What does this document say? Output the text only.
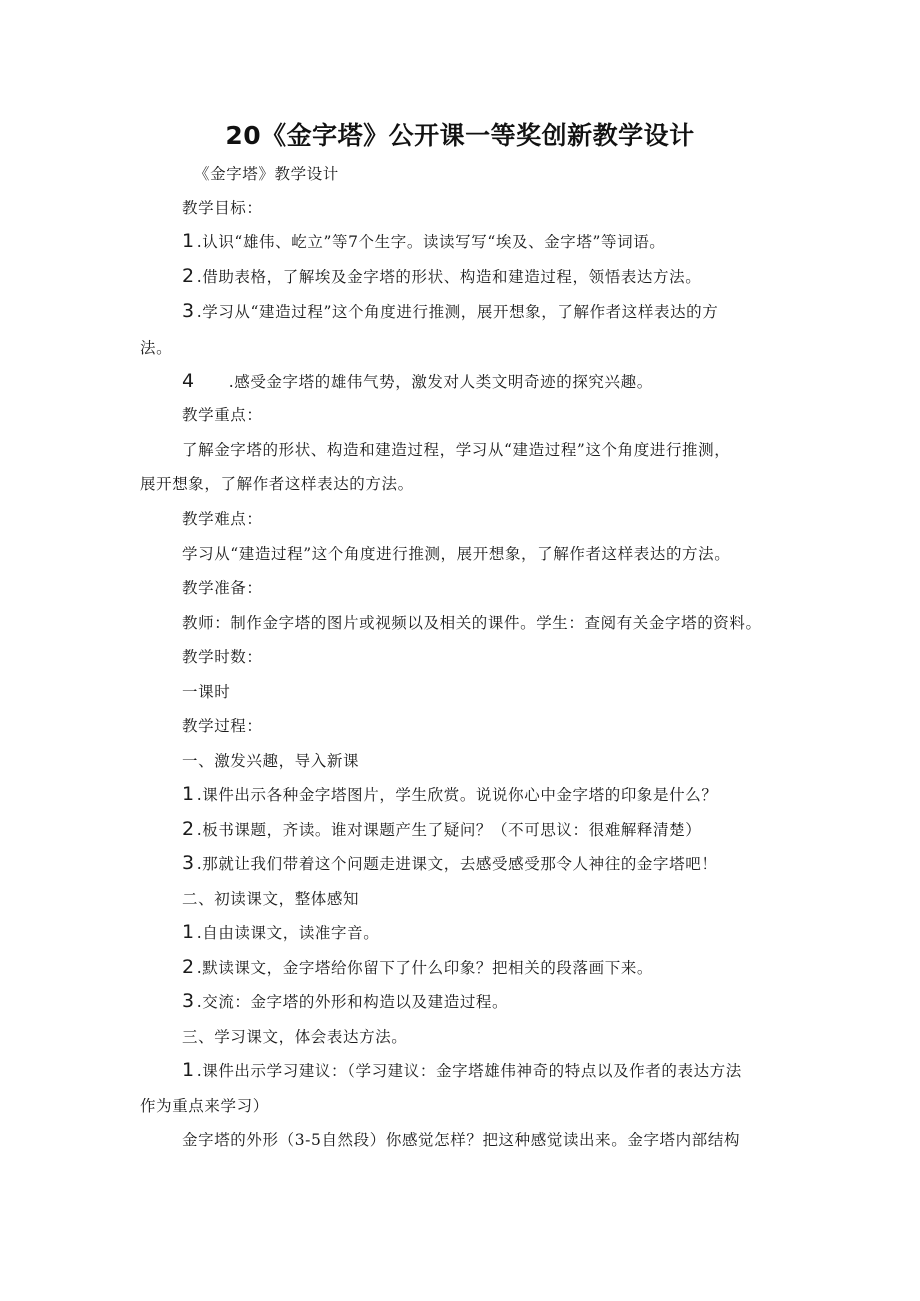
20《金字塔》公开课一等奖创新教学设计
《金字塔》教学设计
教学目标：
1 .认识“雄伟、屹立”等7个生字。读读写写“埃及、金字塔”等词语。
2 .借助表格，了解埃及金字塔的形状、构造和建造过程，领悟表达方法。
3 .学习从“建造过程”这个角度进行推测，展开想象，了解作者这样表达的方
法。
4 .感受金字塔的雄伟气势，激发对人类文明奇迹的探究兴趣。
教学重点：
了解金字塔的形状、构造和建造过程，学习从“建造过程”这个角度进行推测，
展开想象，了解作者这样表达的方法。
教学难点：
学习从“建造过程”这个角度进行推测，展开想象，了解作者这样表达的方法。
教学准备：
教师：制作金字塔的图片或视频以及相关的课件。学生：查阅有关金字塔的资料。
教学时数：
一课时
教学过程：
一、激发兴趣，导入新课
1 .课件出示各种金字塔图片，学生欣赏。说说你心中金字塔的印象是什么？
2 .板书课题，齐读。谁对课题产生了疑问？（不可思议：很难解释清楚）
3 .那就让我们带着这个问题走进课文，去感受感受那令人神往的金字塔吧！
二、初读课文，整体感知
1 .自由读课文，读准字音。
2 .默读课文，金字塔给你留下了什么印象？把相关的段落画下来。
3 .交流：金字塔的外形和构造以及建造过程。
三、学习课文，体会表达方法。
1 .课件出示学习建议：（学习建议：金字塔雄伟神奇的特点以及作者的表达方法
作为重点来学习）
金字塔的外形（3-5自然段）你感觉怎样？把这种感觉读出来。金字塔内部结构
